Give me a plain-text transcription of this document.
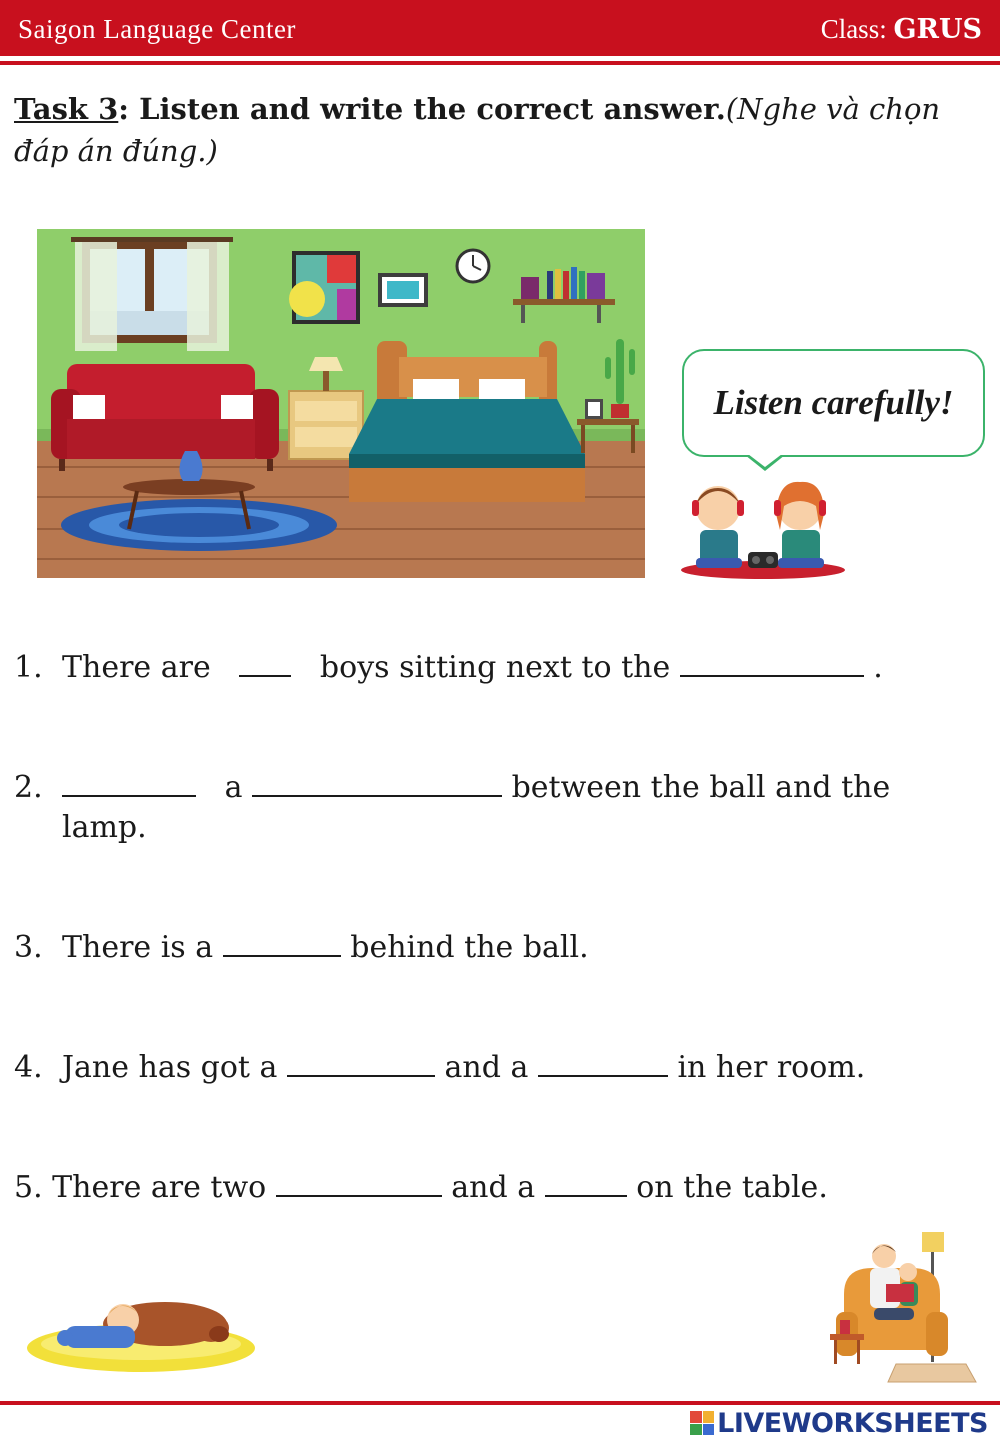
Saigon Language Center	Class: GRUS
Task 3: Listen and write the correct answer.(Nghe và chọn đáp án đúng.)
Listen carefully!
1. There are	boys sitting next to the	.
2.	a	between the ball and the
lamp.
3. There is a	behind the ball.
4. Jane has got a	and a	in her room.
5. There are two	and a	on the table.
LIVEWORKSHEETS
